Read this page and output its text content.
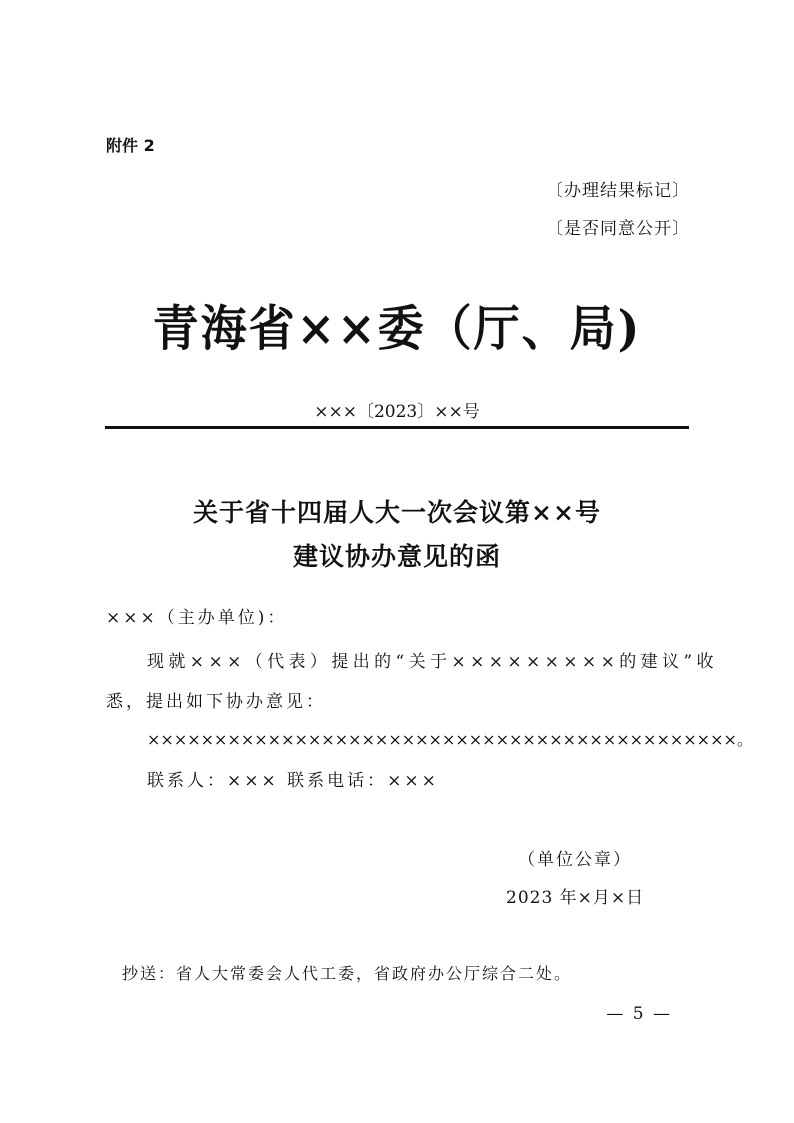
附件 2
〔办理结果标记〕
〔是否同意公开〕
青海省××委（厅、局)
×××〔2023〕××号
关于省十四届人大一次会议第××号
建议协办意见的函
×××（主办单位)：
现就×××（代表）提出的“关于×××××××××的建议”收
悉，提出如下协办意见：
××××××××××××××××××××××××××××××××××××××××××××。
联系人：××× 联系电话：×××
（单位公章）
2023 年×月×日
抄送：省人大常委会人代工委，省政府办公厅综合二处。
— 5 —
